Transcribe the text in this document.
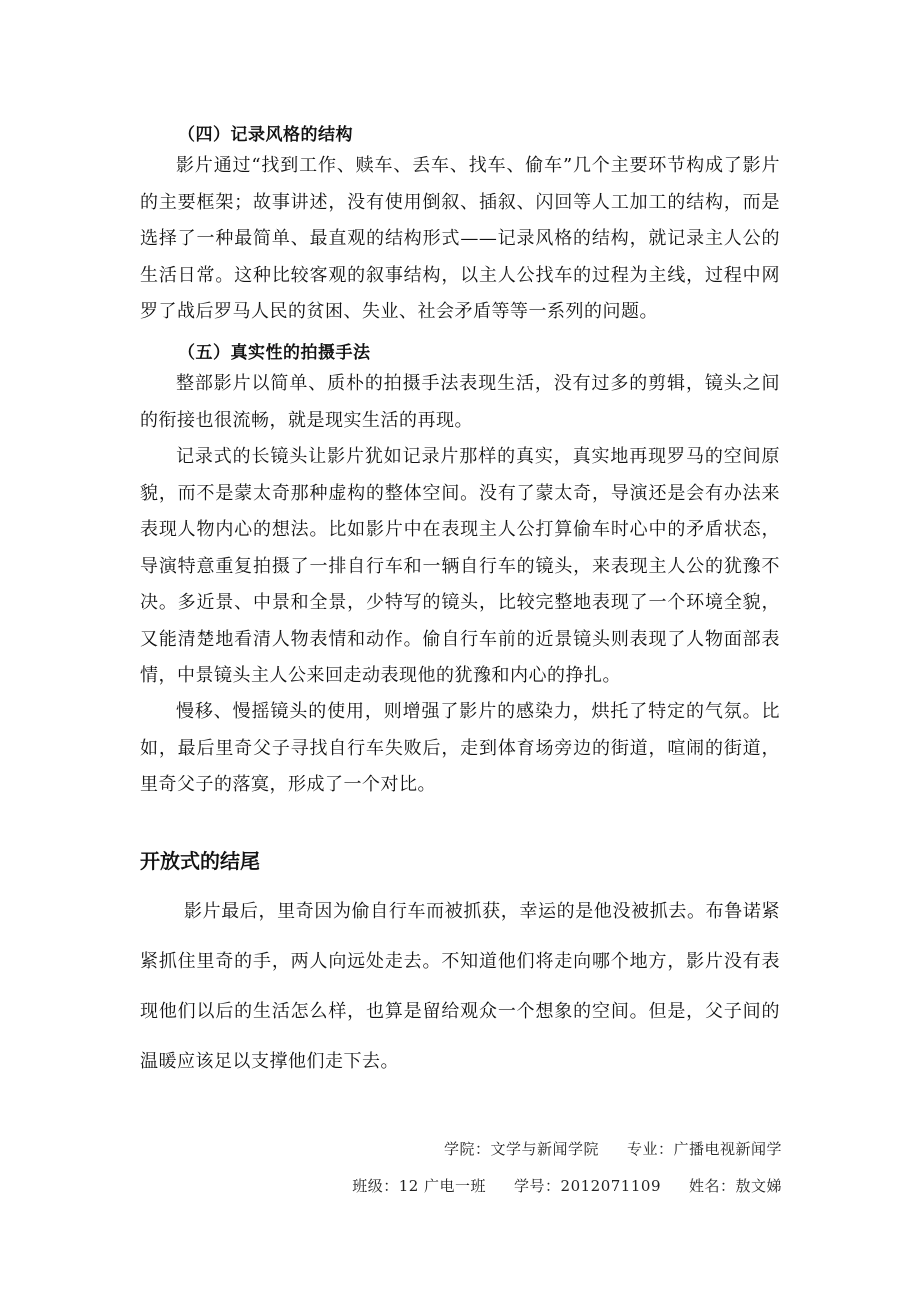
（四）记录风格的结构
影片通过“找到工作、赎车、丢车、找车、偷车”几个主要环节构成了影片的主要框架；故事讲述，没有使用倒叙、插叙、闪回等人工加工的结构，而是选择了一种最简单、最直观的结构形式——记录风格的结构，就记录主人公的生活日常。这种比较客观的叙事结构，以主人公找车的过程为主线，过程中网罗了战后罗马人民的贫困、失业、社会矛盾等等一系列的问题。
（五）真实性的拍摄手法
整部影片以简单、质朴的拍摄手法表现生活，没有过多的剪辑，镜头之间的衔接也很流畅，就是现实生活的再现。
记录式的长镜头让影片犹如记录片那样的真实，真实地再现罗马的空间原貌，而不是蒙太奇那种虚构的整体空间。没有了蒙太奇，导演还是会有办法来表现人物内心的想法。比如影片中在表现主人公打算偷车时心中的矛盾状态，导演特意重复拍摄了一排自行车和一辆自行车的镜头，来表现主人公的犹豫不决。多近景、中景和全景，少特写的镜头，比较完整地表现了一个环境全貌，又能清楚地看清人物表情和动作。偷自行车前的近景镜头则表现了人物面部表情，中景镜头主人公来回走动表现他的犹豫和内心的挣扎。
慢移、慢摇镜头的使用，则增强了影片的感染力，烘托了特定的气氛。比如，最后里奇父子寻找自行车失败后，走到体育场旁边的街道，喧闹的街道，里奇父子的落寞，形成了一个对比。
开放式的结尾
影片最后，里奇因为偷自行车而被抓获，幸运的是他没被抓去。布鲁诺紧紧抓住里奇的手，两人向远处走去。不知道他们将走向哪个地方，影片没有表现他们以后的生活怎么样，也算是留给观众一个想象的空间。但是，父子间的温暖应该足以支撑他们走下去。

学院：文学与新闻学院 专业：广播电视新闻学

班级：12 广电一班 学号：2012071109 姓名：敖文娣
